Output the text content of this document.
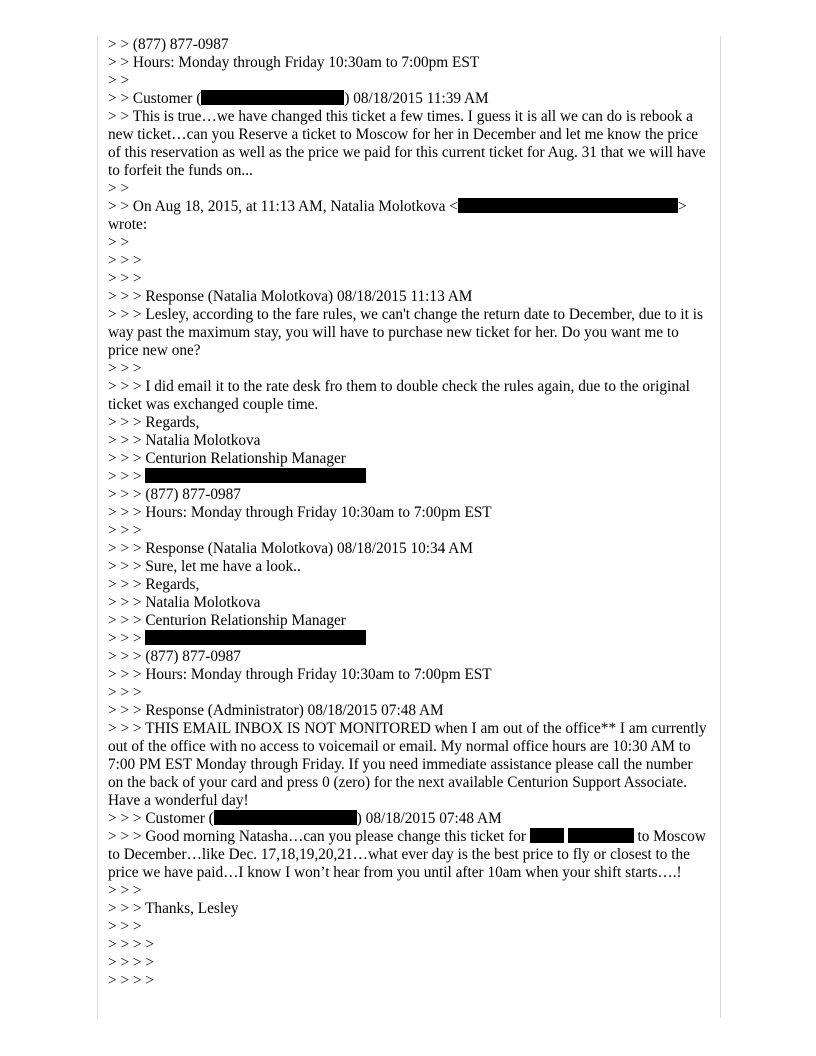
> > (877) 877-0987
> > Hours: Monday through Friday 10:30am to 7:00pm EST
> >
> > Customer (	) 08/18/2015 11:39 AM
> > This is true…we have changed this ticket a few times. I guess it is all we can do is rebook a new ticket…can you Reserve a ticket to Moscow for her in December and let me know the price of this reservation as well as the price we paid for this current ticket for Aug. 31 that we will have to forfeit the funds on...
> >
> > On Aug 18, 2015, at 11:13 AM, Natalia Molotkova <	> wrote:
> >
> > >
> > >
> > > Response (Natalia Molotkova) 08/18/2015 11:13 AM
> > > Lesley, according to the fare rules, we can't change the return date to December, due to it is way past the maximum stay, you will have to purchase new ticket for her. Do you want me to price new one?
> > >
> > > I did email it to the rate desk fro them to double check the rules again, due to the original ticket was exchanged couple time.
> > > Regards,
> > > Natalia Molotkova
> > > Centurion Relationship Manager
> > >
> > > (877) 877-0987
> > > Hours: Monday through Friday 10:30am to 7:00pm EST
> > >
> > > Response (Natalia Molotkova) 08/18/2015 10:34 AM
> > > Sure, let me have a look..
> > > Regards,
> > > Natalia Molotkova
> > > Centurion Relationship Manager
> > >
> > > (877) 877-0987
> > > Hours: Monday through Friday 10:30am to 7:00pm EST
> > >
> > > Response (Administrator) 08/18/2015 07:48 AM
> > > THIS EMAIL INBOX IS NOT MONITORED when I am out of the office** I am currently out of the office with no access to voicemail or email. My normal office hours are 10:30 AM to 7:00 PM EST Monday through Friday. If you need immediate assistance please call the number on the back of your card and press 0 (zero) for the next available Centurion Support Associate. Have a wonderful day!
> > > Customer (	) 08/18/2015 07:48 AM
> > > Good morning Natasha…can you please change this ticket for	to Moscow to December…like Dec. 17,18,19,20,21…what ever day is the best price to fly or closest to the price we have paid…I know I won’t hear from you until after 10am when your shift starts….!
> > >
> > > Thanks, Lesley
> > >
> > > >
> > > >
> > > >
